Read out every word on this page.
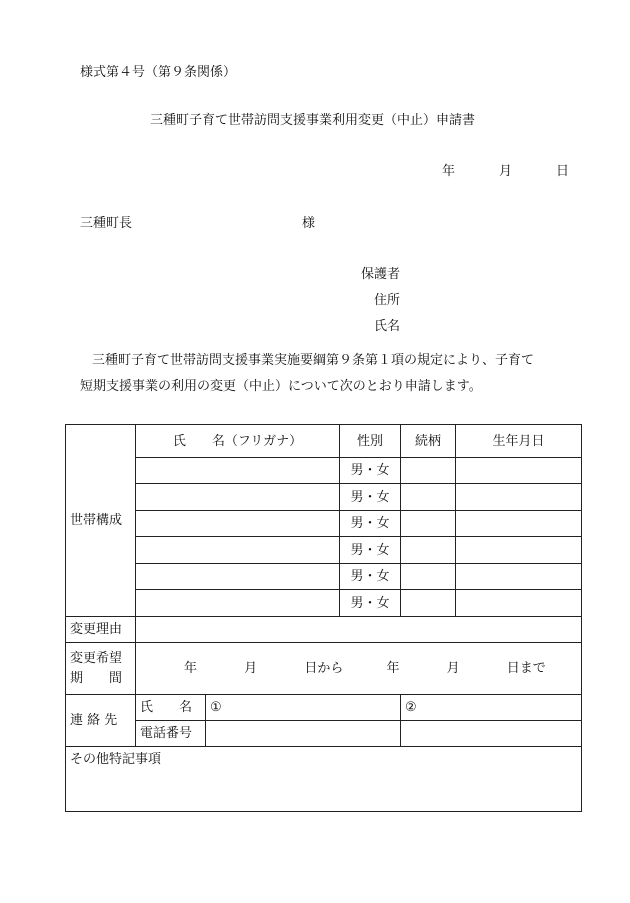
様式第４号（第９条関係）
三種町子育て世帯訪問支援事業利用変更（中止）申請書
年	月	日
三種町長	様
保護者
住所
氏名
三種町子育て世帯訪問支援事業実施要綱第９条第１項の規定により、子育て
短期支援事業の利用の変更（中止）について次のとおり申請します。
世帯構成	氏　　名（フリガナ）		性別	続柄	生年月日
			男・女		
			男・女		
			男・女		
			男・女		
			男・女		
			男・女		
変更理由					
変更希望
期　　間	年 月 日から 年 月 日まで				
連 絡 先	氏　　名	①		②	
	電話番号				
その他特記事項					
